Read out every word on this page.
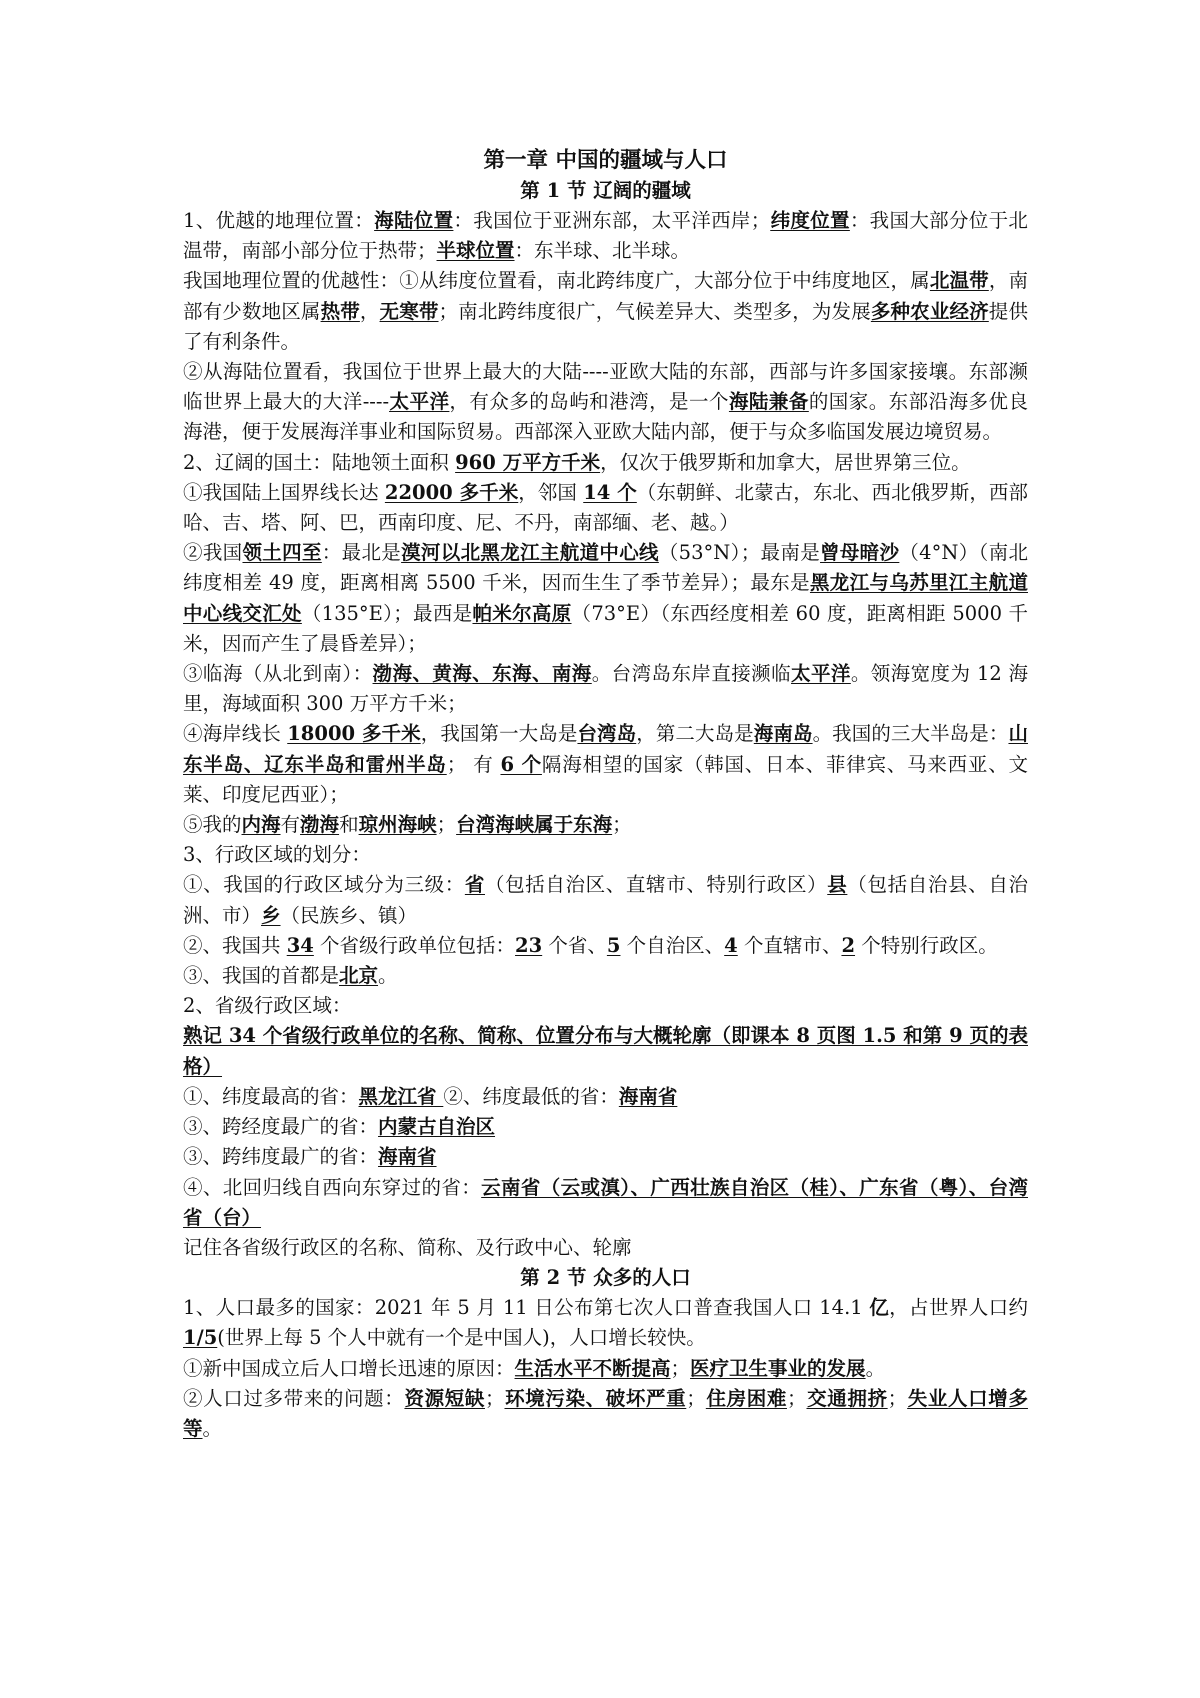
第一章 中国的疆域与人口
第 1 节 辽阔的疆域

1、优越的地理位置：海陆位置：我国位于亚洲东部，太平洋西岸；纬度位置：我国大部分位于北温带，南部小部分位于热带；半球位置：东半球、北半球。

我国地理位置的优越性：①从纬度位置看，南北跨纬度广，大部分位于中纬度地区，属北温带，南部有少数地区属热带，无寒带；南北跨纬度很广，气候差异大、类型多，为发展多种农业经济提供了有利条件。

②从海陆位置看，我国位于世界上最大的大陆----亚欧大陆的东部，西部与许多国家接壤。东部濒临世界上最大的大洋----太平洋，有众多的岛屿和港湾，是一个海陆兼备的国家。东部沿海多优良海港，便于发展海洋事业和国际贸易。西部深入亚欧大陆内部，便于与众多临国发展边境贸易。

2、辽阔的国土：陆地领土面积 960 万平方千米，仅次于俄罗斯和加拿大，居世界第三位。

①我国陆上国界线长达 22000 多千米，邻国 14 个（东朝鲜、北蒙古，东北、西北俄罗斯，西部哈、吉、塔、阿、巴，西南印度、尼、不丹，南部缅、老、越。）

②我国领土四至：最北是漠河以北黑龙江主航道中心线（53°N）；最南是曾母暗沙（4°N）（南北纬度相差 49 度，距离相离 5500 千米，因而生生了季节差异）；最东是黑龙江与乌苏里江主航道中心线交汇处（135°E）；最西是帕米尔高原（73°E）（东西经度相差 60 度，距离相距 5000 千米，因而产生了晨昏差异）；

③临海（从北到南）：渤海、黄海、东海、南海。台湾岛东岸直接濒临太平洋。领海宽度为 12 海里，海域面积 300 万平方千米；

④海岸线长 18000 多千米，我国第一大岛是台湾岛，第二大岛是海南岛。我国的三大半岛是：山东半岛、辽东半岛和雷州半岛； 有 6 个隔海相望的国家（韩国、日本、菲律宾、马来西亚、文莱、印度尼西亚）；

⑤我的内海有渤海和琼州海峡；台湾海峡属于东海；

3、行政区域的划分：

①、我国的行政区域分为三级：省（包括自治区、直辖市、特别行政区）县（包括自治县、自治洲、市）乡（民族乡、镇）

②、我国共 34 个省级行政单位包括：23 个省、5 个自治区、4 个直辖市、2 个特别行政区。

③、我国的首都是北京。

2、省级行政区域：

熟记 34 个省级行政单位的名称、简称、位置分布与大概轮廓（即课本 8 页图 1.5 和第 9 页的表格）

①、纬度最高的省：黑龙江省 ②、纬度最低的省：海南省

③、跨经度最广的省：内蒙古自治区

③、跨纬度最广的省：海南省

④、北回归线自西向东穿过的省：云南省（云或滇）、广西壮族自治区（桂）、广东省（粤）、台湾省（台）

记住各省级行政区的名称、简称、及行政中心、轮廓

第 2 节 众多的人口

1、人口最多的国家：2021 年 5 月 11 日公布第七次人口普查我国人口 14.1 亿，占世界人口约 1/5(世界上每 5 个人中就有一个是中国人)，人口增长较快。

①新中国成立后人口增长迅速的原因：生活水平不断提高；医疗卫生事业的发展。

②人口过多带来的问题：资源短缺；环境污染、破坏严重；住房困难；交通拥挤；失业人口增多等。
